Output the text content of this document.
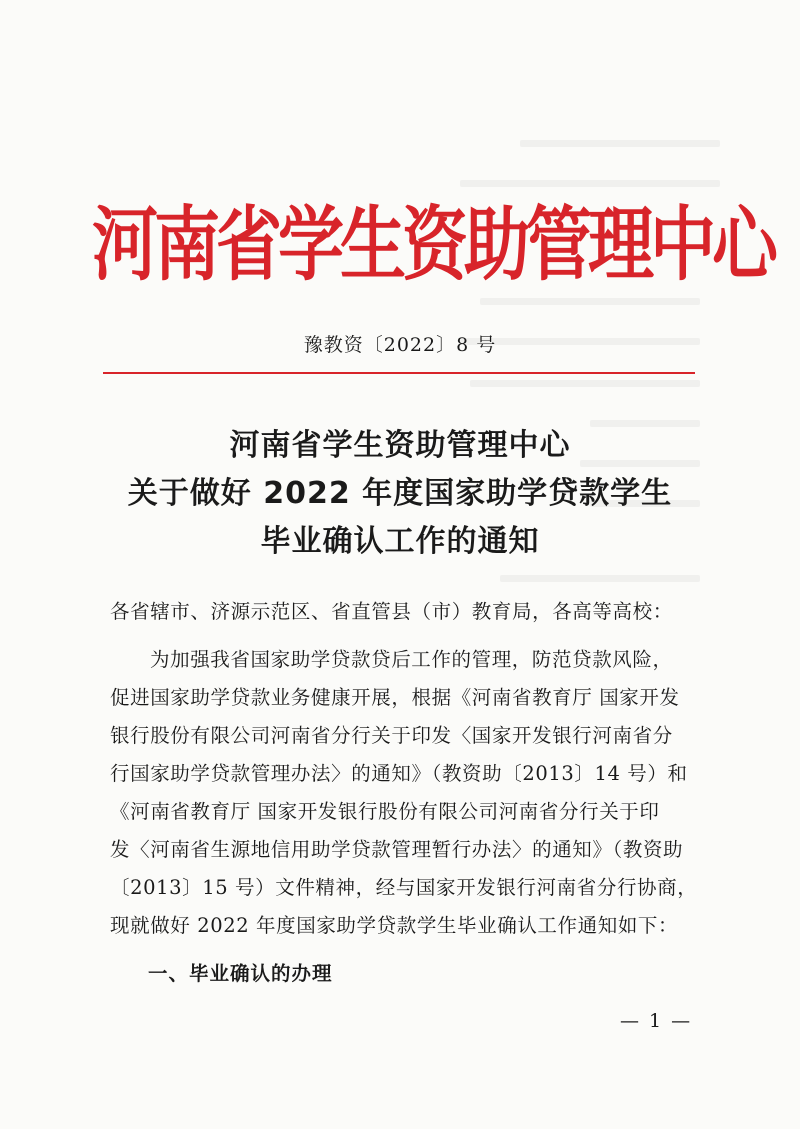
河南省学生资助管理中心
豫教资〔2022〕8 号
河南省学生资助管理中心
关于做好 2022 年度国家助学贷款学生
毕业确认工作的通知
各省辖市、济源示范区、省直管县（市）教育局，各高等高校：
为加强我省国家助学贷款贷后工作的管理，防范贷款风险，
促进国家助学贷款业务健康开展，根据《河南省教育厅 国家开发
银行股份有限公司河南省分行关于印发〈国家开发银行河南省分
行国家助学贷款管理办法〉的通知》（教资助〔2013〕14 号）和
《河南省教育厅 国家开发银行股份有限公司河南省分行关于印
发〈河南省生源地信用助学贷款管理暂行办法〉的通知》（教资助
〔2013〕15 号）文件精神，经与国家开发银行河南省分行协商，
现就做好 2022 年度国家助学贷款学生毕业确认工作通知如下：
一、毕业确认的办理
— 1 —
